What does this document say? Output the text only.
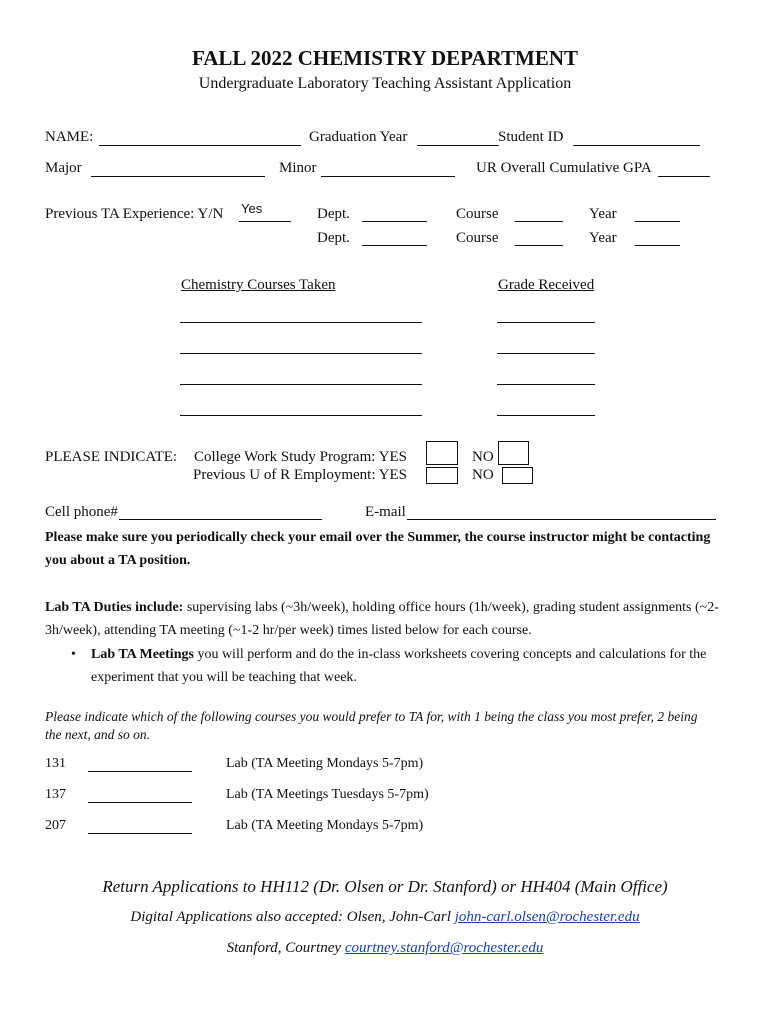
FALL 2022 CHEMISTRY DEPARTMENT
Undergraduate Laboratory Teaching Assistant Application
NAME:	Graduation Year	Student ID
Major	Minor	UR Overall Cumulative GPA
Previous TA Experience: Y/N Yes	Dept.	Course	Year
Dept.	Course	Year
Chemistry Courses Taken	Grade Received
PLEASE INDICATE: College Work Study Program: YES	NO
Previous U of R Employment: YES	NO
Cell phone#	E-mail
Please make sure you periodically check your email over the Summer, the course instructor might be contacting you about a TA position.
Lab TA Duties include: supervising labs (~3h/week), holding office hours (1h/week), grading student assignments (~2-3h/week), attending TA meeting (~1-2 hr/per week) times listed below for each course.
• Lab TA Meetings you will perform and do the in-class worksheets covering concepts and calculations for the experiment that you will be teaching that week.
Please indicate which of the following courses you would prefer to TA for, with 1 being the class you most prefer, 2 being the next, and so on.
131	Lab (TA Meeting Mondays 5-7pm)
137	Lab (TA Meetings Tuesdays 5-7pm)
207	Lab (TA Meeting Mondays 5-7pm)
Return Applications to HH112 (Dr. Olsen or Dr. Stanford) or HH404 (Main Office)
Digital Applications also accepted: Olsen, John-Carl john-carl.olsen@rochester.edu
Stanford, Courtney courtney.stanford@rochester.edu
